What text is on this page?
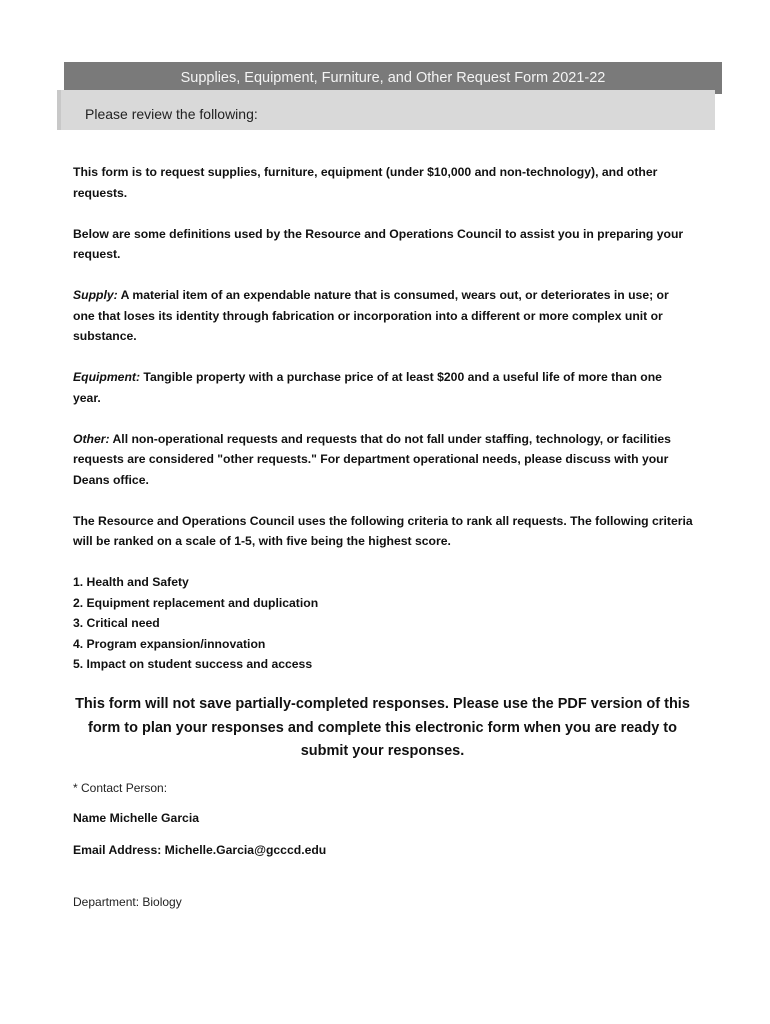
Supplies, Equipment, Furniture, and Other Request Form 2021-22
Please review the following:

This form is to request supplies, furniture, equipment (under $10,000 and non-technology), and other requests.

Below are some definitions used by the Resource and Operations Council to assist you in preparing your request.

Supply: A material item of an expendable nature that is consumed, wears out, or deteriorates in use; or one that loses its identity through fabrication or incorporation into a different or more complex unit or substance.

Equipment: Tangible property with a purchase price of at least $200 and a useful life of more than one year.

Other: All non-operational requests and requests that do not fall under staffing, technology, or facilities requests are considered "other requests." For department operational needs, please discuss with your Deans office.

The Resource and Operations Council uses the following criteria to rank all requests. The following criteria will be ranked on a scale of 1-5, with five being the highest score.

1. Health and Safety
2. Equipment replacement and duplication
3. Critical need
4. Program expansion/innovation
5. Impact on student success and access
This form will not save partially-completed responses. Please use the PDF version of this form to plan your responses and complete this electronic form when you are ready to submit your responses.
* Contact Person:
Name Michelle Garcia
Email Address: Michelle.Garcia@gcccd.edu
Department: Biology
